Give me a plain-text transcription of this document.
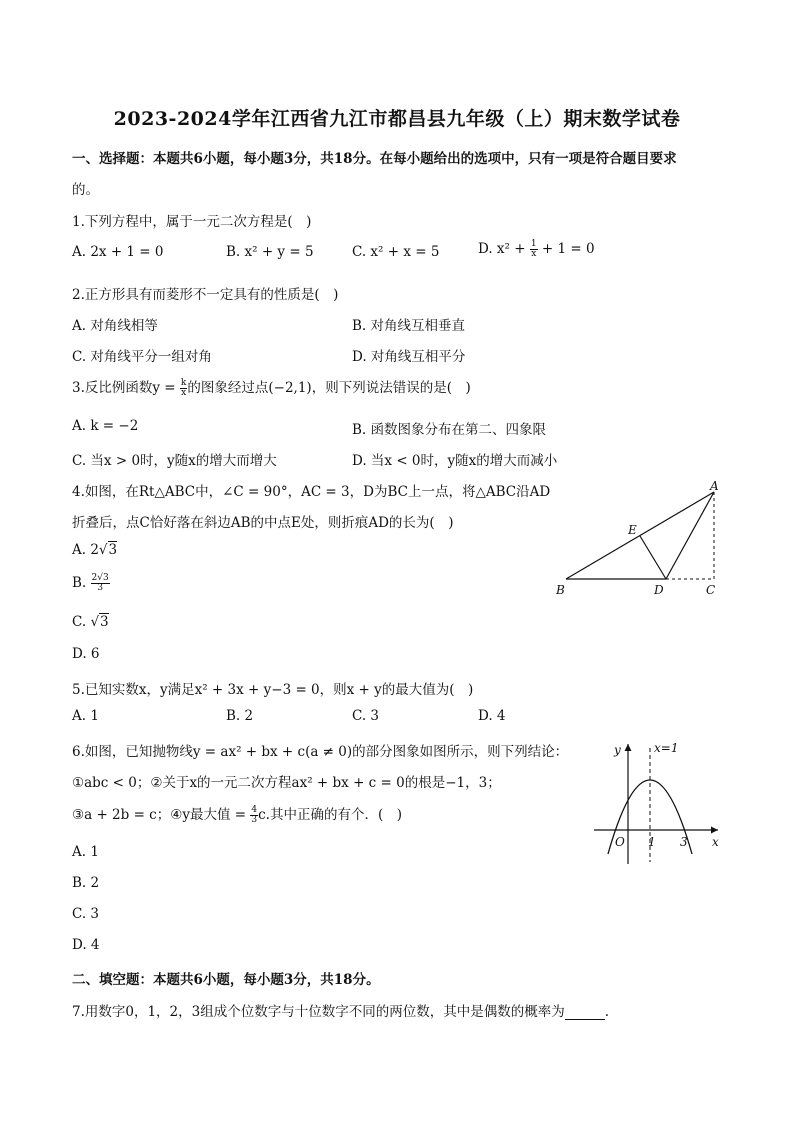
2023-2024学年江西省九江市都昌县九年级（上）期末数学试卷
一、选择题：本题共6小题，每小题3分，共18分。在每小题给出的选项中，只有一项是符合题目要求
的。
1.下列方程中，属于一元二次方程是(　)
A. 2x + 1 = 0	B. x² + y = 5	C. x² + x = 5	D. $x^2 + \frac{1}{x} + 1 = 0$
2.正方形具有而菱形不一定具有的性质是(　)
A. 对角线相等	B. 对角线互相垂直
C. 对角线平分一组对角	D. 对角线互相平分
3.反比例函数$y = \frac{k}{x}$ 的图象经过点(−2,1)，则下列说法错误的是(　)
A. k = −2	B. 函数图象分布在第二、四象限
C. 当x > 0时，y随x的增大而增大	D. 当x < 0时，y随x的增大而减小
4.如图，在Rt△ABC中，∠C = 90°，AC = 3，D为BC上一点，将△ABC沿AD
折叠后，点C恰好落在斜边AB的中点E处，则折痕AD的长为(　)
A. 2√3
B. $\frac{2√3}{3}$
C. √3
D. 6
A
B	C
D
E
5.已知实数x，y满足x² + 3x + y−3 = 0，则x + y的最大值为(　)
A. 1	B. 2	C. 3	D. 4
6.如图，已知抛物线y = ax² + bx + c(a ≠ 0)的部分图象如图所示，则下列结论：
①abc < 0；②关于x的一元二次方程ax² + bx + c = 0的根是−1，3；
③a + 2b = c；④y最大值 = $\frac{4}{3} c$.其中正确的有个．(　)
A. 1
B. 2
C. 3
D. 4
y	x=1
x
O 1 3
二、填空题：本题共6小题，每小题3分，共18分。
7.用数字0，1，2，3组成个位数字与十位数字不同的两位数，其中是偶数的概率为	.
